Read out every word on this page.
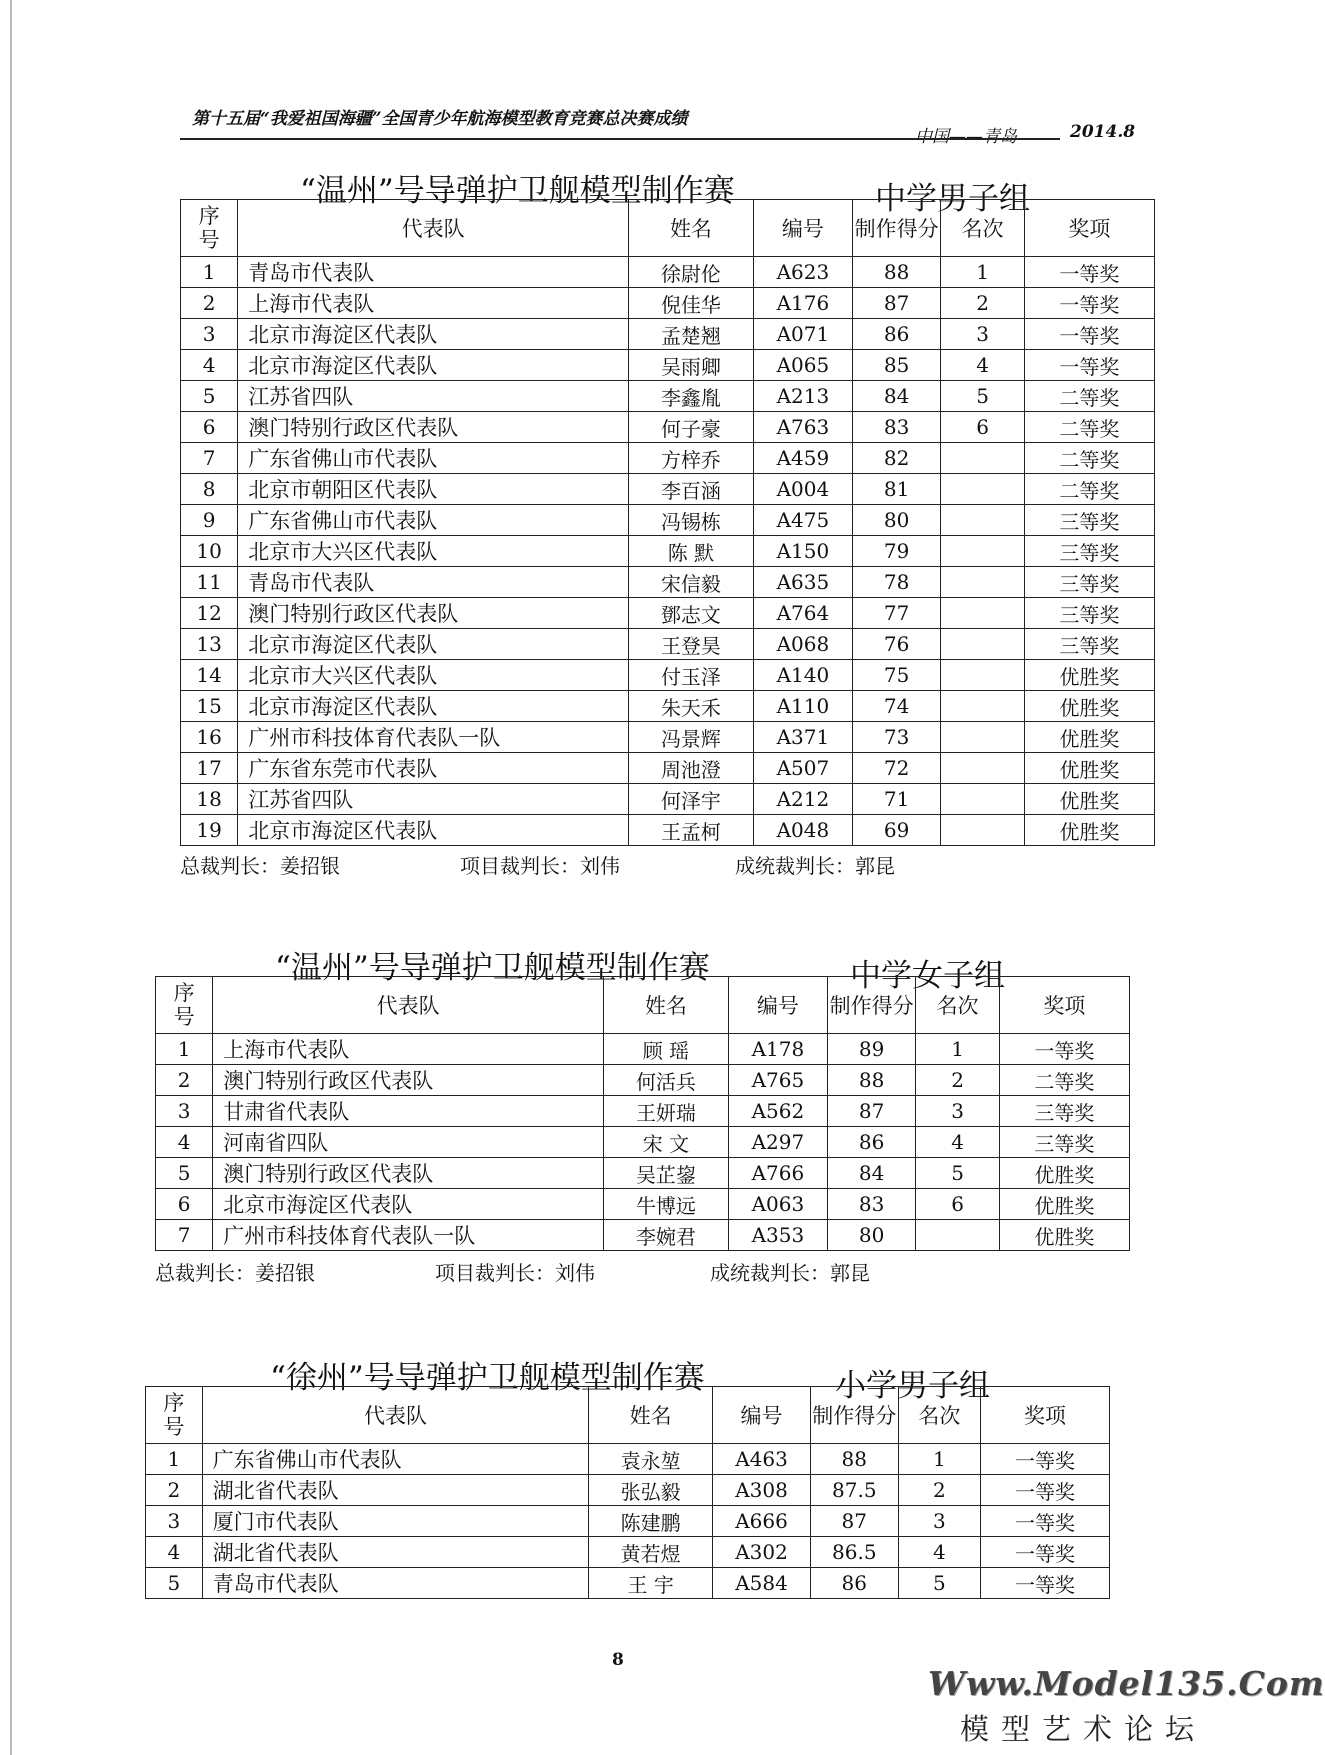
第十五届“我爱祖国海疆”全国青少年航海模型教育竞赛总决赛成绩
中国——青岛	2014.8
“温州”号导弹护卫舰模型制作赛	中学男子组
序
号	代表队	姓名	编号	制作得分	名次	奖项
1	青岛市代表队	徐尉伦	A623	88	1	一等奖
2	上海市代表队	倪佳华	A176	87	2	一等奖
3	北京市海淀区代表队	孟楚翘	A071	86	3	一等奖
4	北京市海淀区代表队	吴雨卿	A065	85	4	一等奖
5	江苏省四队	李鑫胤	A213	84	5	二等奖
6	澳门特别行政区代表队	何子豪	A763	83	6	二等奖
7	广东省佛山市代表队	方梓乔	A459	82		二等奖
8	北京市朝阳区代表队	李百涵	A004	81		二等奖
9	广东省佛山市代表队	冯锡栋	A475	80		三等奖
10	北京市大兴区代表队	陈 默	A150	79		三等奖
11	青岛市代表队	宋信毅	A635	78		三等奖
12	澳门特别行政区代表队	鄧志文	A764	77		三等奖
13	北京市海淀区代表队	王登昊	A068	76		三等奖
14	北京市大兴区代表队	付玉泽	A140	75		优胜奖
15	北京市海淀区代表队	朱天禾	A110	74		优胜奖
16	广州市科技体育代表队一队	冯景辉	A371	73		优胜奖
17	广东省东莞市代表队	周池澄	A507	72		优胜奖
18	江苏省四队	何泽宇	A212	71		优胜奖
19	北京市海淀区代表队	王孟柯	A048	69		优胜奖
总裁判长：姜招银	项目裁判长：刘伟	成统裁判长：郭昆
“温州”号导弹护卫舰模型制作赛	中学女子组
序
号	代表队	姓名	编号	制作得分	名次	奖项
1	上海市代表队	顾 瑶	A178	89	1	一等奖
2	澳门特别行政区代表队	何活兵	A765	88	2	二等奖
3	甘肃省代表队	王妍瑞	A562	87	3	三等奖
4	河南省四队	宋 文	A297	86	4	三等奖
5	澳门特别行政区代表队	吴芷鋆	A766	84	5	优胜奖
6	北京市海淀区代表队	牛博远	A063	83	6	优胜奖
7	广州市科技体育代表队一队	李婉君	A353	80		优胜奖
总裁判长：姜招银	项目裁判长：刘伟	成统裁判长：郭昆
“徐州”号导弹护卫舰模型制作赛	小学男子组
序
号	代表队	姓名	编号	制作得分	名次	奖项
1	广东省佛山市代表队	袁永堃	A463	88	1	一等奖
2	湖北省代表队	张弘毅	A308	87.5	2	一等奖
3	厦门市代表队	陈建鹏	A666	87	3	一等奖
4	湖北省代表队	黄若煜	A302	86.5	4	一等奖
5	青岛市代表队	王 宇	A584	86	5	一等奖
8
Www.Model135.Com
模型艺术论坛
